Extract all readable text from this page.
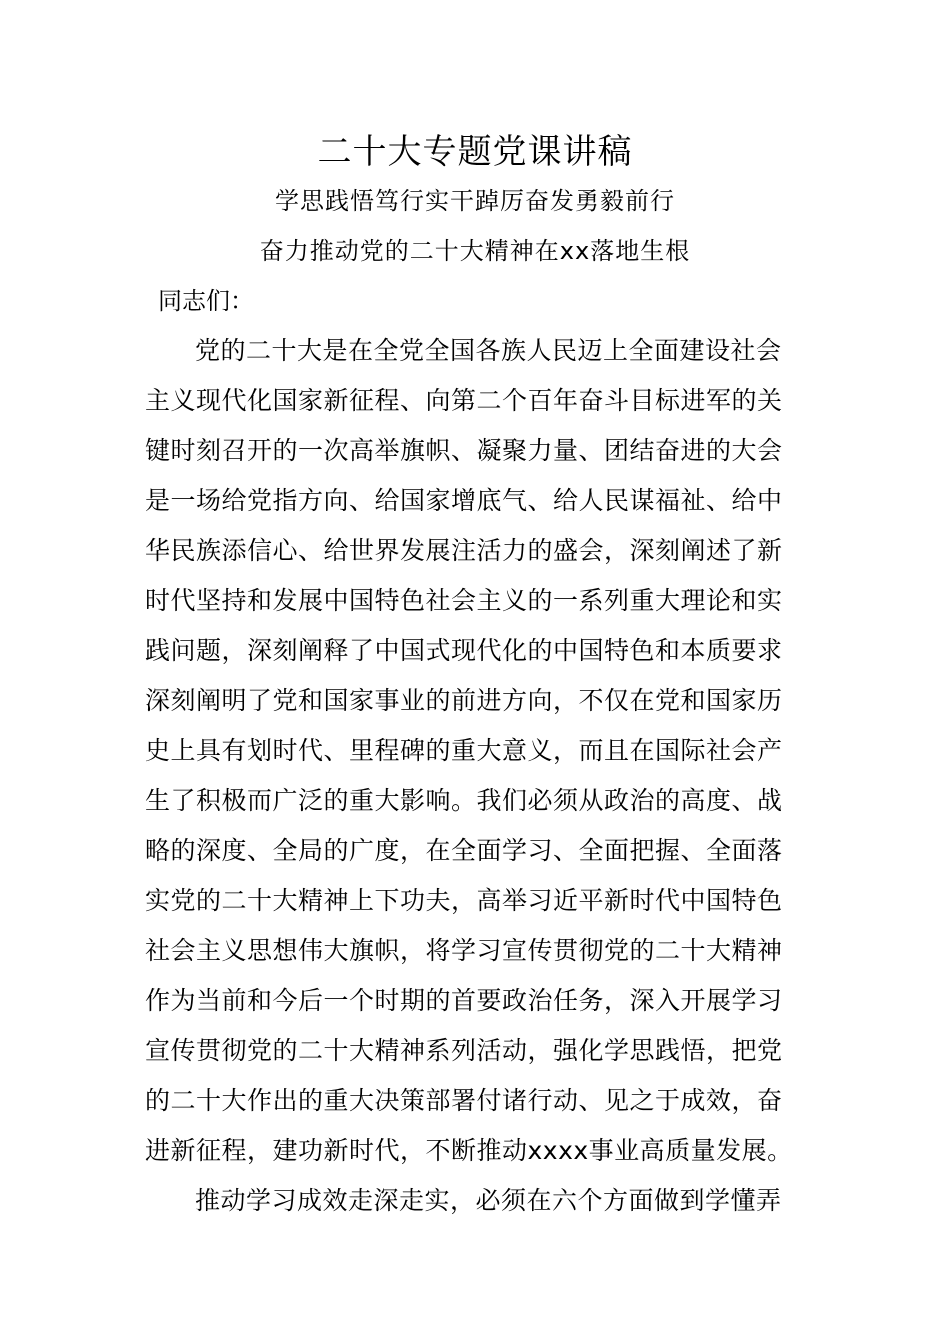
二十大专题党课讲稿
学思践悟笃行实干踔厉奋发勇毅前行
奋力推动党的二十大精神在xx落地生根
同志们：
党的二十大是在全党全国各族人民迈上全面建设社会
主义现代化国家新征程、向第二个百年奋斗目标进军的关
键时刻召开的一次高举旗帜、凝聚力量、团结奋进的大会
是一场给党指方向、给国家增底气、给人民谋福祉、给中
华民族添信心、给世界发展注活力的盛会，深刻阐述了新
时代坚持和发展中国特色社会主义的一系列重大理论和实
践问题，深刻阐释了中国式现代化的中国特色和本质要求
深刻阐明了党和国家事业的前进方向，不仅在党和国家历
史上具有划时代、里程碑的重大意义，而且在国际社会产
生了积极而广泛的重大影响。我们必须从政治的高度、战
略的深度、全局的广度，在全面学习、全面把握、全面落
实党的二十大精神上下功夫，高举习近平新时代中国特色
社会主义思想伟大旗帜，将学习宣传贯彻党的二十大精神
作为当前和今后一个时期的首要政治任务，深入开展学习
宣传贯彻党的二十大精神系列活动，强化学思践悟，把党
的二十大作出的重大决策部署付诸行动、见之于成效，奋
进新征程，建功新时代，不断推动xxxx事业高质量发展。
推动学习成效走深走实，必须在六个方面做到学懂弄
